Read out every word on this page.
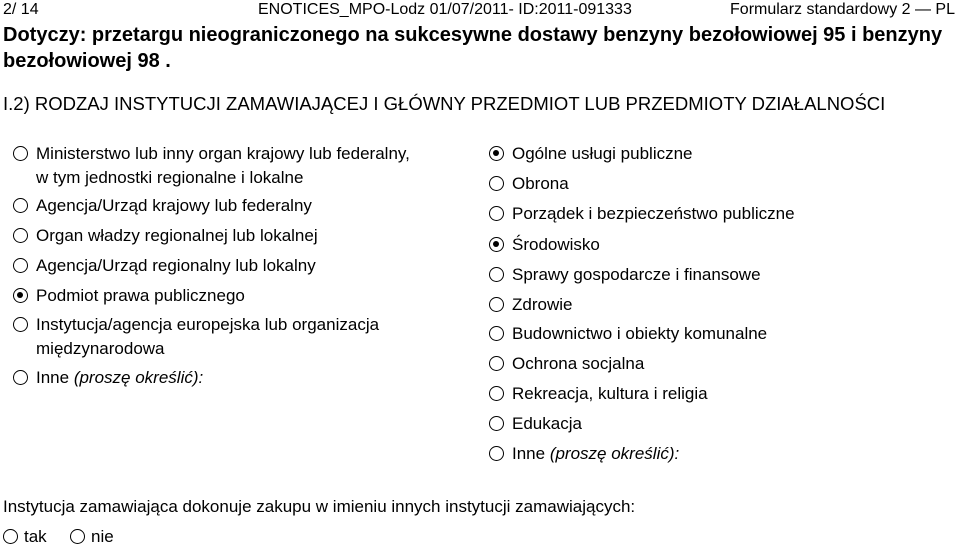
2/ 14	ENOTICES_MPO-Lodz 01/07/2011- ID:2011-091333	Formularz standardowy 2 — PL
Dotyczy: przetargu nieograniczonego na sukcesywne dostawy benzyny bezołowiowej 95 i benzyny bezołowiowej 98 .
I.2) RODZAJ INSTYTUCJI ZAMAWIAJĄCEJ I GŁÓWNY PRZEDMIOT LUB PRZEDMIOTY DZIAŁALNOŚCI
Ministerstwo lub inny organ krajowy lub federalny,
w tym jednostki regionalne i lokalne
Agencja/Urząd krajowy lub federalny
Organ władzy regionalnej lub lokalnej
Agencja/Urząd regionalny lub lokalny
Podmiot prawa publicznego
Instytucja/agencja europejska lub organizacja
międzynarodowa
Inne (proszę określić):
Ogólne usługi publiczne
Obrona
Porządek i bezpieczeństwo publiczne
Środowisko
Sprawy gospodarcze i finansowe
Zdrowie
Budownictwo i obiekty komunalne
Ochrona socjalna
Rekreacja, kultura i religia
Edukacja
Inne (proszę określić):
Instytucja zamawiająca dokonuje zakupu w imieniu innych instytucji zamawiających:
tak	nie
